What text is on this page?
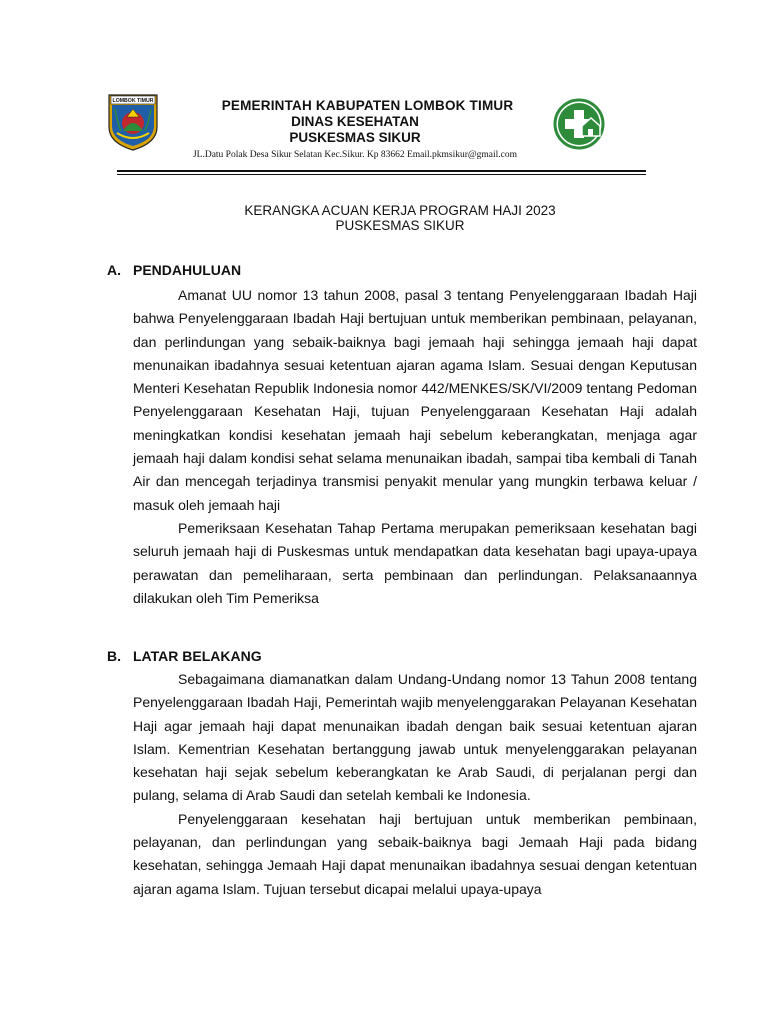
LOMBOK TIMUR	PEMERINTAH KABUPATEN LOMBOK TIMUR
DINAS KESEHATAN
PUSKESMAS SIKUR
JL.Datu Polak Desa Sikur Selatan Kec.Sikur. Kp 83662 Email.pkmsikur@gmail.com
KERANGKA ACUAN KERJA PROGRAM HAJI 2023
PUSKESMAS SIKUR
A. PENDAHULUAN

Amanat UU nomor 13 tahun 2008, pasal 3 tentang Penyelenggaraan Ibadah Haji bahwa Penyelenggaraan Ibadah Haji bertujuan untuk memberikan pembinaan, pelayanan, dan perlindungan yang sebaik-baiknya bagi jemaah haji sehingga jemaah haji dapat menunaikan ibadahnya sesuai ketentuan ajaran agama Islam. Sesuai dengan Keputusan Menteri Kesehatan Republik Indonesia nomor 442/MENKES/SK/VI/2009 tentang Pedoman Penyelenggaraan Kesehatan Haji, tujuan Penyelenggaraan Kesehatan Haji adalah meningkatkan kondisi kesehatan jemaah haji sebelum keberangkatan, menjaga agar jemaah haji dalam kondisi sehat selama menunaikan ibadah, sampai tiba kembali di Tanah Air dan mencegah terjadinya transmisi penyakit menular yang mungkin terbawa keluar / masuk oleh jemaah haji

Pemeriksaan Kesehatan Tahap Pertama merupakan pemeriksaan kesehatan bagi seluruh jemaah haji di Puskesmas untuk mendapatkan data kesehatan bagi upaya-upaya perawatan dan pemeliharaan, serta pembinaan dan perlindungan. Pelaksanaannya dilakukan oleh Tim Pemeriksa

B. LATAR BELAKANG

Sebagaimana diamanatkan dalam Undang-Undang nomor 13 Tahun 2008 tentang Penyelenggaraan Ibadah Haji, Pemerintah wajib menyelenggarakan Pelayanan Kesehatan Haji agar jemaah haji dapat menunaikan ibadah dengan baik sesuai ketentuan ajaran Islam. Kementrian Kesehatan bertanggung jawab untuk menyelenggarakan pelayanan kesehatan haji sejak sebelum keberangkatan ke Arab Saudi, di perjalanan pergi dan pulang, selama di Arab Saudi dan setelah kembali ke Indonesia.

Penyelenggaraan kesehatan haji bertujuan untuk memberikan pembinaan, pelayanan, dan perlindungan yang sebaik-baiknya bagi Jemaah Haji pada bidang kesehatan, sehingga Jemaah Haji dapat menunaikan ibadahnya sesuai dengan ketentuan ajaran agama Islam. Tujuan tersebut dicapai melalui upaya-upaya
